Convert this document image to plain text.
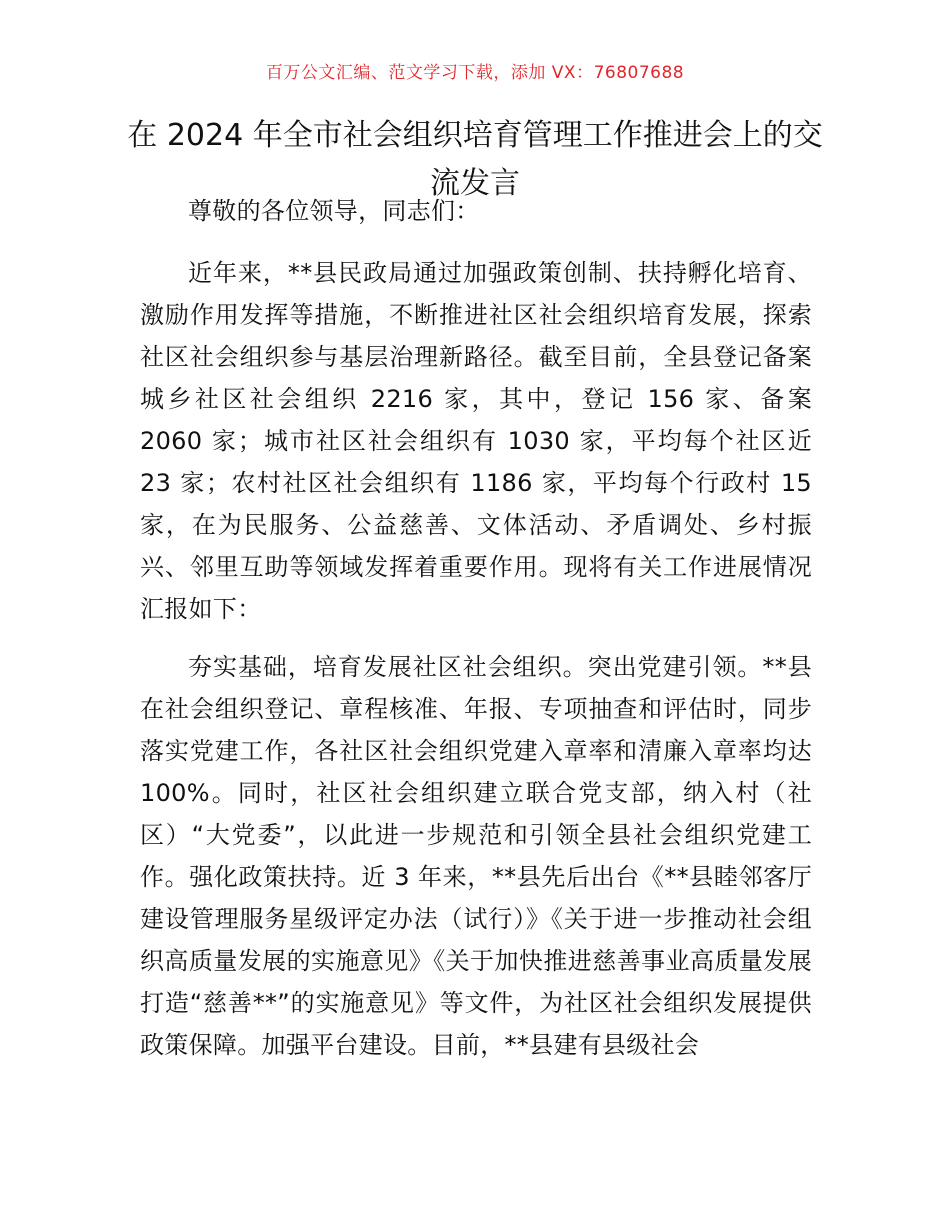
百万公文汇编、范文学习下载，添加 VX：76807688
在 2024 年全市社会组织培育管理工作推进会上的交流发言

尊敬的各位领导，同志们：

近年来，**县民政局通过加强政策创制、扶持孵化培育、激励作用发挥等措施，不断推进社区社会组织培育发展，探索社区社会组织参与基层治理新路径。截至目前，全县登记备案城乡社区社会组织 2216 家，其中，登记 156 家、备案 2060 家；城市社区社会组织有 1030 家，平均每个社区近 23 家；农村社区社会组织有 1186 家，平均每个行政村 15 家，在为民服务、公益慈善、文体活动、矛盾调处、乡村振兴、邻里互助等领域发挥着重要作用。现将有关工作进展情况汇报如下：

夯实基础，培育发展社区社会组织。突出党建引领。**县在社会组织登记、章程核准、年报、专项抽查和评估时，同步落实党建工作，各社区社会组织党建入章率和清廉入章率均达 100%。同时，社区社会组织建立联合党支部，纳入村（社区）“大党委”，以此进一步规范和引领全县社会组织党建工作。强化政策扶持。近 3 年来，**县先后出台《**县睦邻客厅建设管理服务星级评定办法（试行）》《关于进一步推动社会组织高质量发展的实施意见》《关于加快推进慈善事业高质量发展打造“慈善**”的实施意见》等文件，为社区社会组织发展提供政策保障。加强平台建设。目前，**县建有县级社会
